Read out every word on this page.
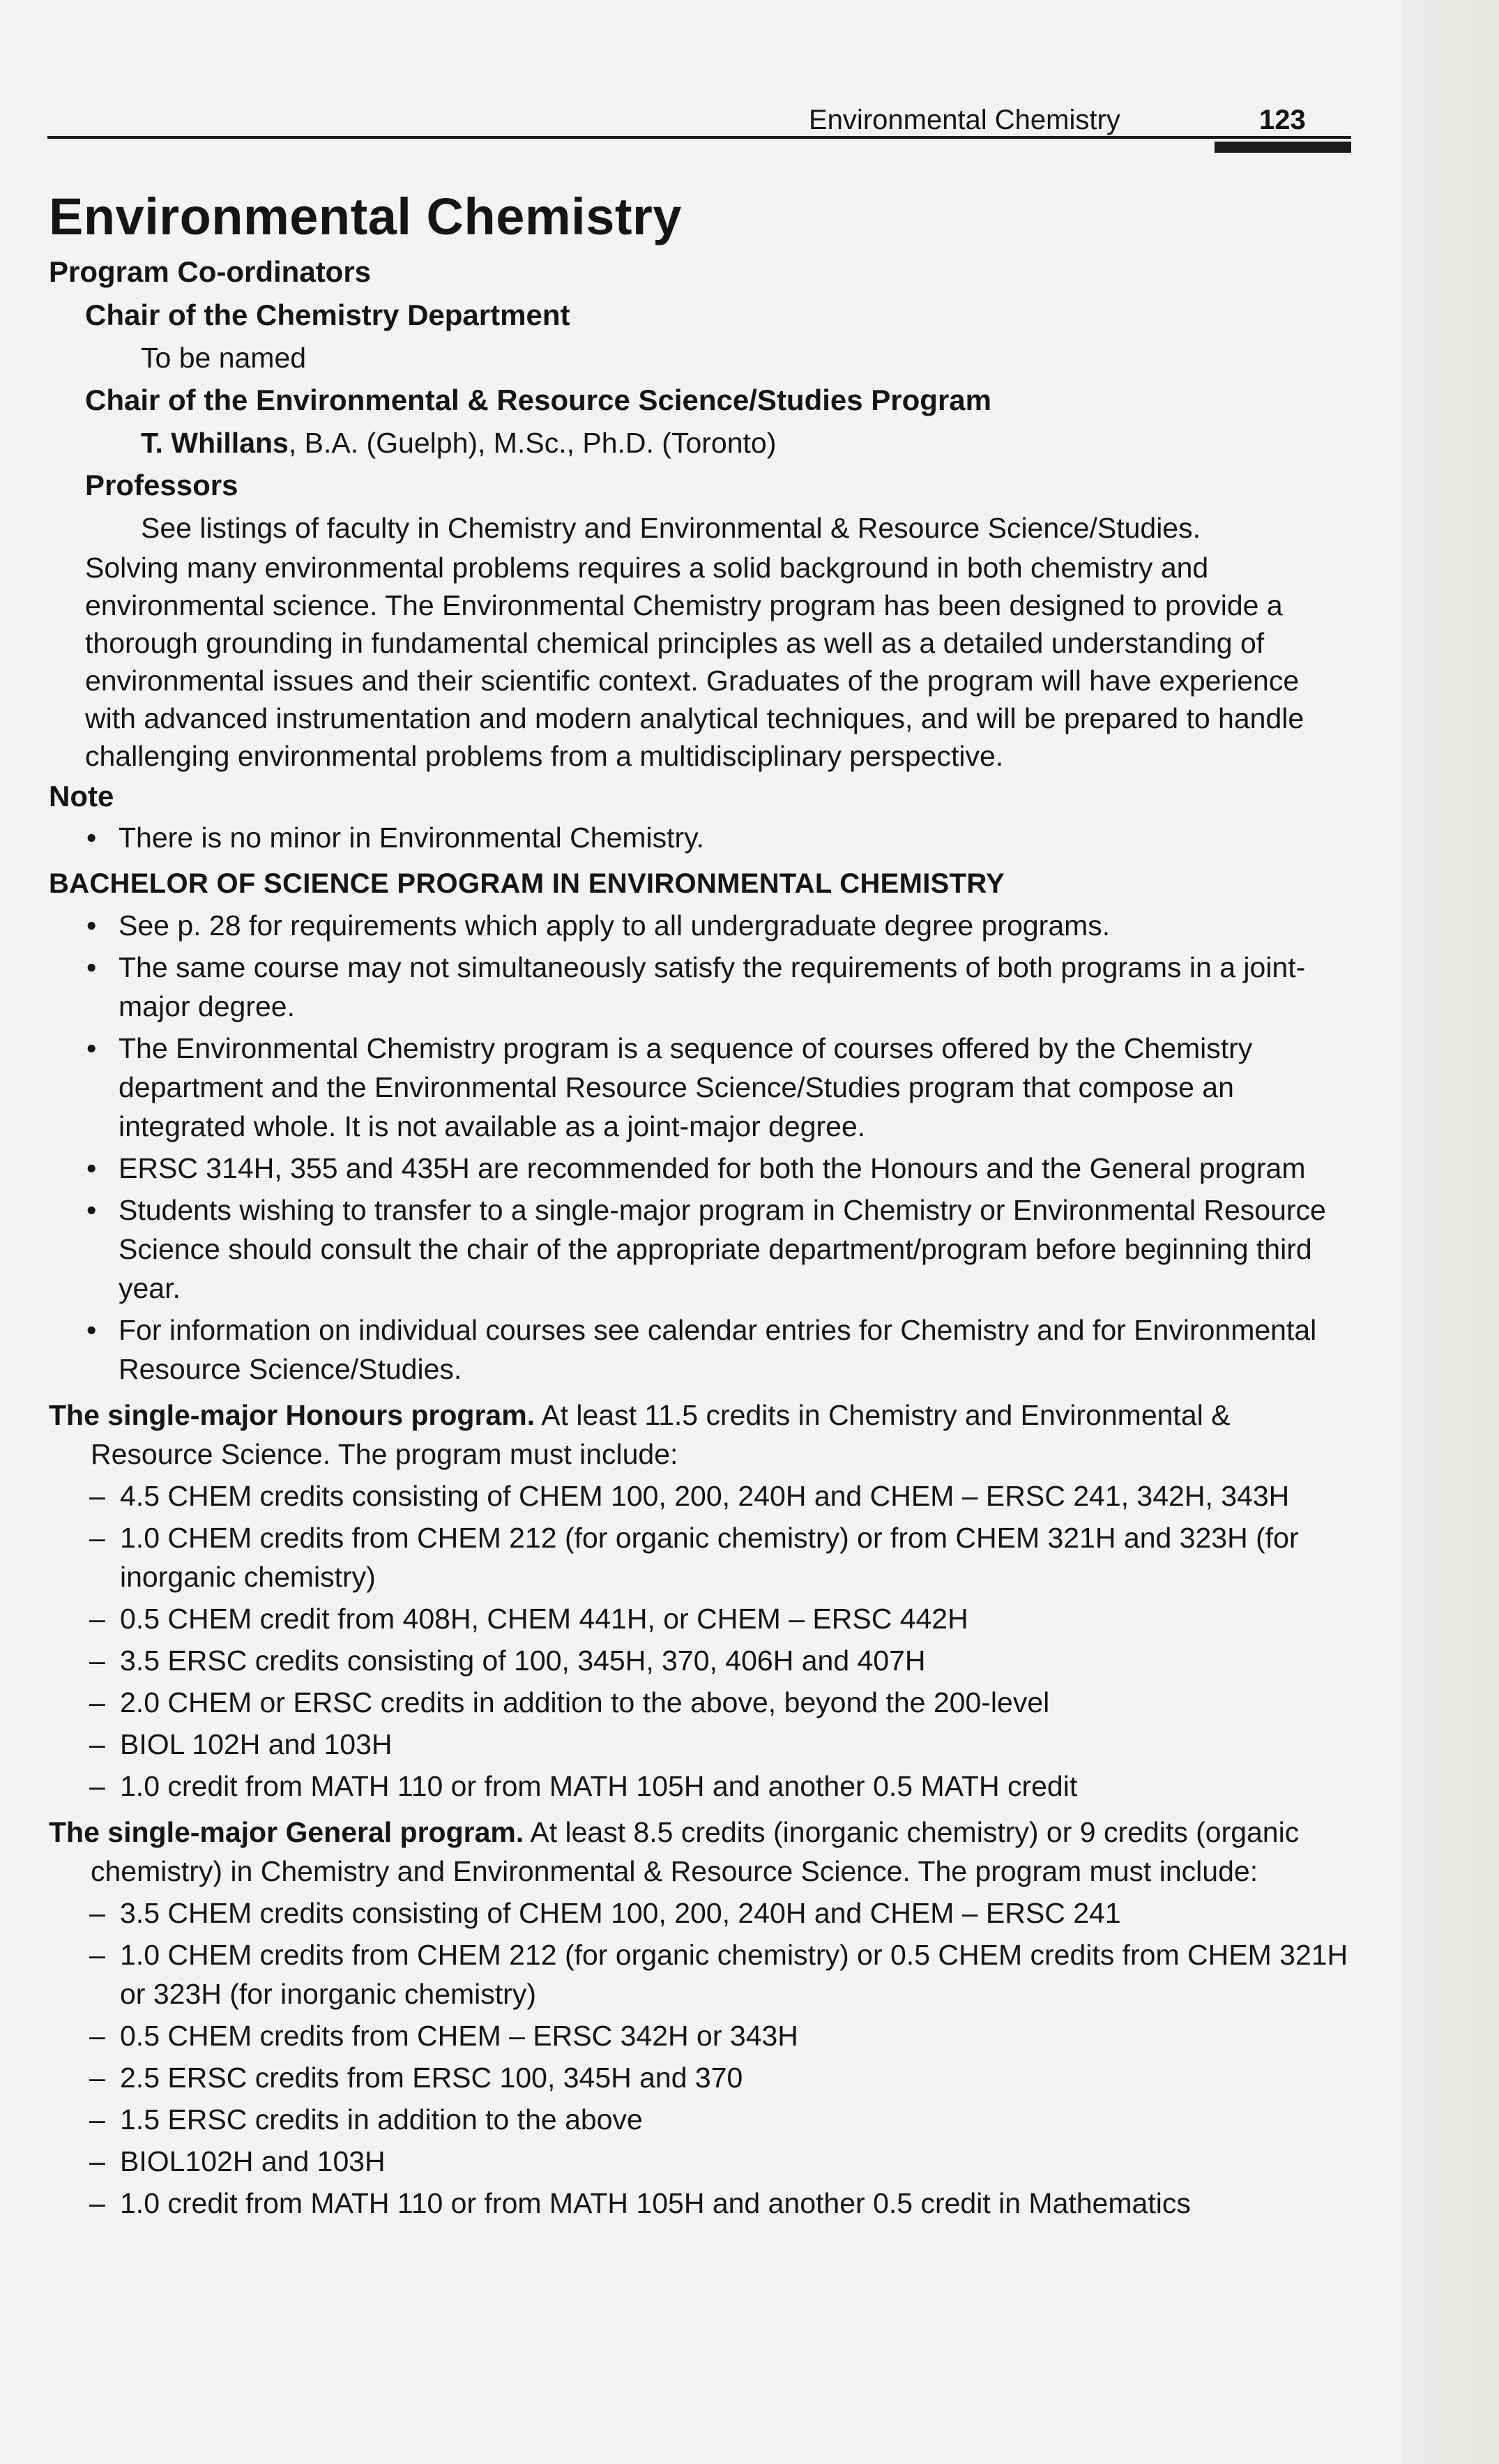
Environmental Chemistry	123
Environmental Chemistry

Program Co-ordinators

Chair of the Chemistry Department

To be named

Chair of the Environmental & Resource Science/Studies Program

T. Whillans, B.A. (Guelph), M.Sc., Ph.D. (Toronto)

Professors

See listings of faculty in Chemistry and Environmental & Resource Science/Studies.

Solving many environmental problems requires a solid background in both chemistry and environmental science. The Environmental Chemistry program has been designed to provide a thorough grounding in fundamental chemical principles as well as a detailed understanding of environmental issues and their scientific context. Graduates of the program will have experience with advanced instrumentation and modern analytical techniques, and will be prepared to handle challenging environmental problems from a multidisciplinary perspective.

Note

• There is no minor in Environmental Chemistry.

BACHELOR OF SCIENCE PROGRAM IN ENVIRONMENTAL CHEMISTRY

• See p. 28 for requirements which apply to all undergraduate degree programs.
• The same course may not simultaneously satisfy the requirements of both programs in a joint-major degree.
• The Environmental Chemistry program is a sequence of courses offered by the Chemistry department and the Environmental Resource Science/Studies program that compose an integrated whole. It is not available as a joint-major degree.
• ERSC 314H, 355 and 435H are recommended for both the Honours and the General program
• Students wishing to transfer to a single-major program in Chemistry or Environmental Resource Science should consult the chair of the appropriate department/program before beginning third year.
• For information on individual courses see calendar entries for Chemistry and for Environmental Resource Science/Studies.

The single-major Honours program. At least 11.5 credits in Chemistry and Environmental & Resource Science. The program must include:

– 4.5 CHEM credits consisting of CHEM 100, 200, 240H and CHEM – ERSC 241, 342H, 343H
– 1.0 CHEM credits from CHEM 212 (for organic chemistry) or from CHEM 321H and 323H (for inorganic chemistry)
– 0.5 CHEM credit from 408H, CHEM 441H, or CHEM – ERSC 442H
– 3.5 ERSC credits consisting of 100, 345H, 370, 406H and 407H
– 2.0 CHEM or ERSC credits in addition to the above, beyond the 200-level
– BIOL 102H and 103H
– 1.0 credit from MATH 110 or from MATH 105H and another 0.5 MATH credit

The single-major General program. At least 8.5 credits (inorganic chemistry) or 9 credits (organic chemistry) in Chemistry and Environmental & Resource Science. The program must include:

– 3.5 CHEM credits consisting of CHEM 100, 200, 240H and CHEM – ERSC 241
– 1.0 CHEM credits from CHEM 212 (for organic chemistry) or 0.5 CHEM credits from CHEM 321H or 323H (for inorganic chemistry)
– 0.5 CHEM credits from CHEM – ERSC 342H or 343H
– 2.5 ERSC credits from ERSC 100, 345H and 370
– 1.5 ERSC credits in addition to the above
– BIOL102H and 103H
– 1.0 credit from MATH 110 or from MATH 105H and another 0.5 credit in Mathematics
